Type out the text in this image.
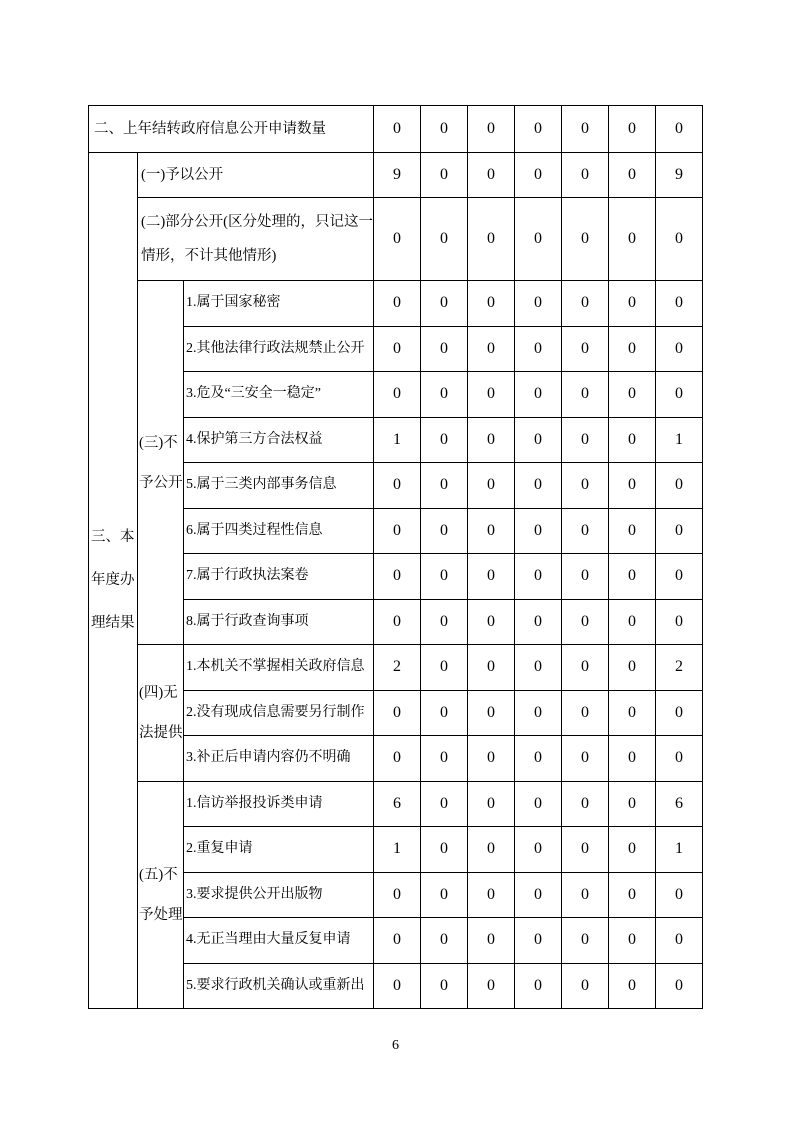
二、上年结转政府信息公开申请数量			0	0	0	0	0	0	0
三、本
年度办
理结果	(一)予以公开		9	0	0	0	0	0	9
	(二)部分公开(区分处理的，只记这一
情形，不计其他情形)		0	0	0	0	0	0	0
	(三)不
予公开	1.属于国家秘密	0	0	0	0	0	0	0
		2.其他法律行政法规禁止公开	0	0	0	0	0	0	0
		3.危及“三安全一稳定”	0	0	0	0	0	0	0
		4.保护第三方合法权益	1	0	0	0	0	0	1
		5.属于三类内部事务信息	0	0	0	0	0	0	0
		6.属于四类过程性信息	0	0	0	0	0	0	0
		7.属于行政执法案卷	0	0	0	0	0	0	0
		8.属于行政查询事项	0	0	0	0	0	0	0
	(四)无
法提供	1.本机关不掌握相关政府信息	2	0	0	0	0	0	2
		2.没有现成信息需要另行制作	0	0	0	0	0	0	0
		3.补正后申请内容仍不明确	0	0	0	0	0	0	0
	(五)不
予处理	1.信访举报投诉类申请	6	0	0	0	0	0	6
		2.重复申请	1	0	0	0	0	0	1
		3.要求提供公开出版物	0	0	0	0	0	0	0
		4.无正当理由大量反复申请	0	0	0	0	0	0	0
		5.要求行政机关确认或重新出	0	0	0	0	0	0	0
6
